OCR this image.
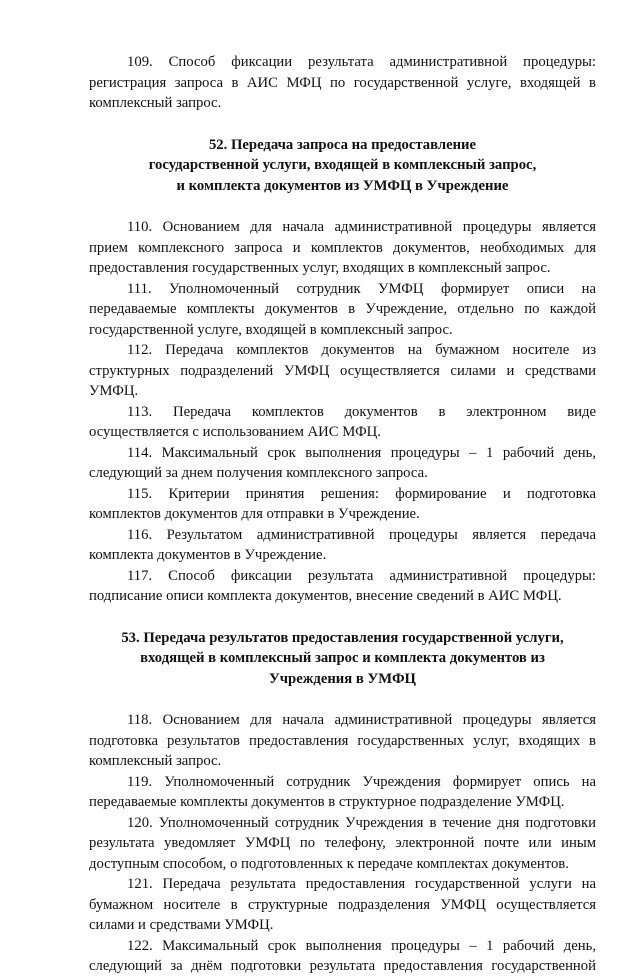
109. Способ фиксации результата административной процедуры:
регистрация запроса в АИС МФЦ по государственной услуге, входящей в
комплексный запрос.
52. Передача запроса на предоставление
государственной услуги, входящей в комплексный запрос,
и комплекта документов из УМФЦ в Учреждение
110. Основанием для начала административной процедуры является
прием комплексного запроса и комплектов документов, необходимых для
предоставления государственных услуг, входящих в комплексный запрос.
111. Уполномоченный сотрудник УМФЦ формирует описи на
передаваемые комплекты документов в Учреждение, отдельно по каждой
государственной услуге, входящей в комплексный запрос.
112. Передача комплектов документов на бумажном носителе из
структурных подразделений УМФЦ осуществляется силами и средствами
УМФЦ.
113. Передача комплектов документов в электронном виде
осуществляется с использованием АИС МФЦ.
114. Максимальный срок выполнения процедуры – 1 рабочий день,
следующий за днем получения комплексного запроса.
115. Критерии принятия решения: формирование и подготовка
комплектов документов для отправки в Учреждение.
116. Результатом административной процедуры является передача
комплекта документов в Учреждение.
117. Способ фиксации результата административной процедуры:
подписание описи комплекта документов, внесение сведений в АИС МФЦ.
53. Передача результатов предоставления государственной услуги,
входящей в комплексный запрос и комплекта документов из
Учреждения в УМФЦ
118. Основанием для начала административной процедуры является
подготовка результатов предоставления государственных услуг, входящих в
комплексный запрос.
119. Уполномоченный сотрудник Учреждения формирует опись на
передаваемые комплекты документов в структурное подразделение УМФЦ.
120. Уполномоченный сотрудник Учреждения в течение дня подготовки
результата уведомляет УМФЦ по телефону, электронной почте или иным
доступным способом, о подготовленных к передаче комплектах документов.
121. Передача результата предоставления государственной услуги на
бумажном носителе в структурные подразделения УМФЦ осуществляется
силами и средствами УМФЦ.
122. Максимальный срок выполнения процедуры – 1 рабочий день,
следующий за днём подготовки результата предоставления государственной
